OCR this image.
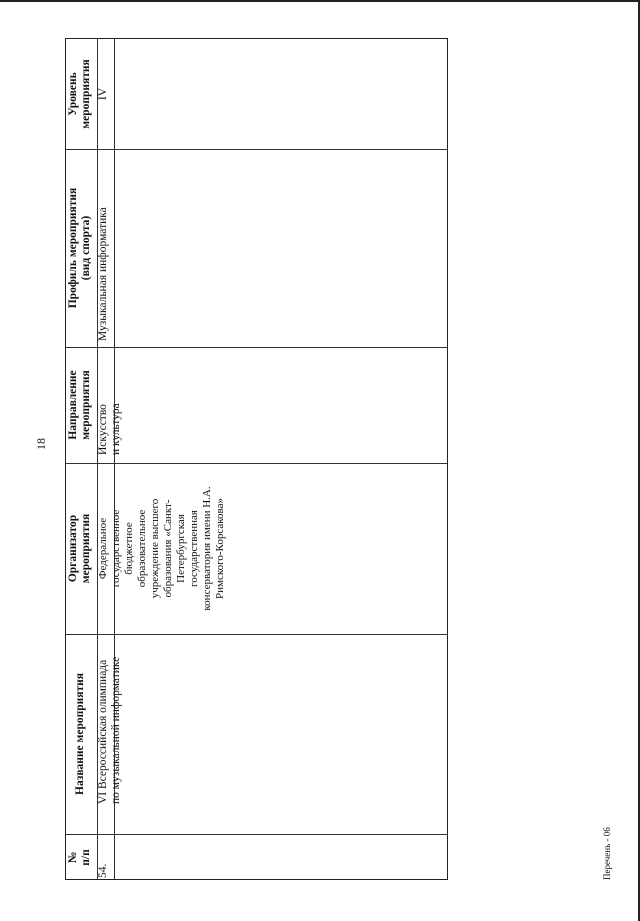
18
Перечень - 06
Уровень
мероприятия
Профиль мероприятия
(вид спорта)
Направление
мероприятия
Организатор
мероприятия
Название мероприятия
№
п/п
IV
Музыкальная информатика
Искусство
и культура
Федеральное
государственное
бюджетное
образовательное
учреждение высшего
образования «Санкт-
Петербургская
государственная
консерватория имени Н.А.
Римского-Корсакова»
VI Всероссийская олимпиада
по музыкальной информатике
54.
